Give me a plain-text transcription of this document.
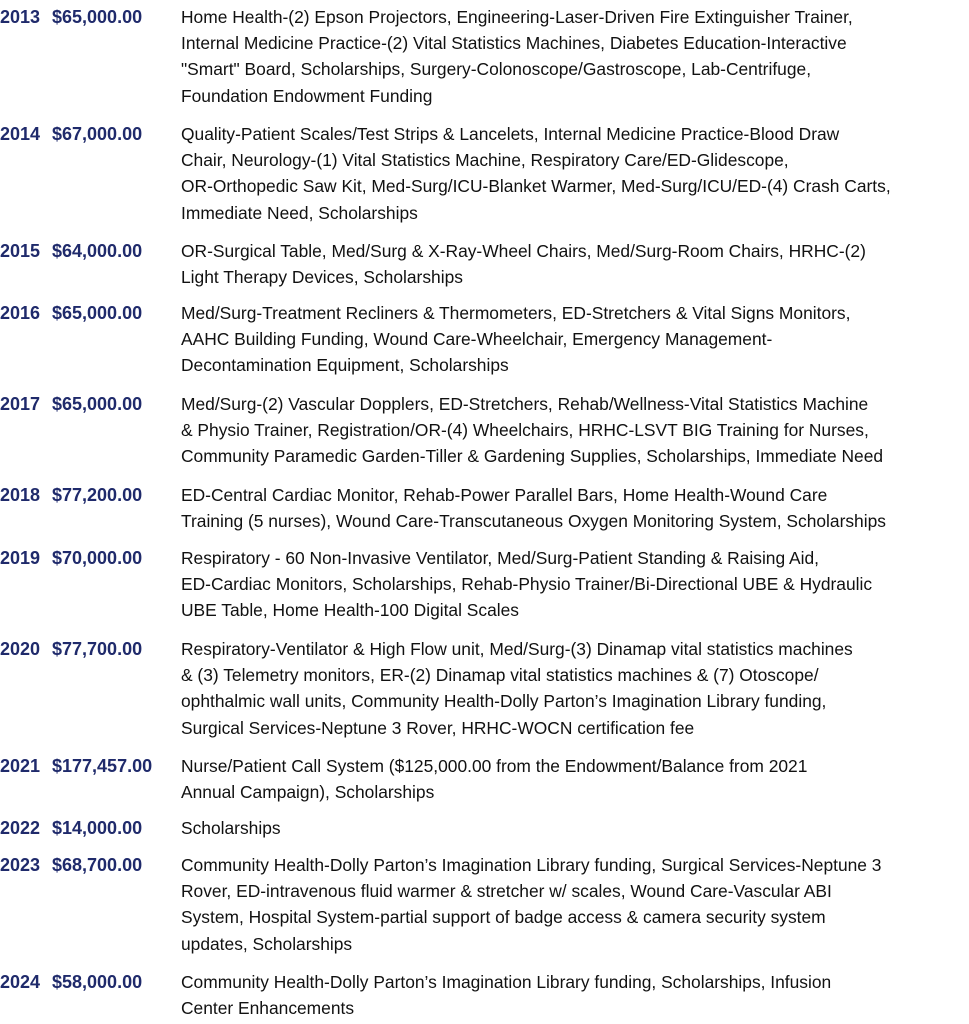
2013 $65,000.00 Home Health-(2) Epson Projectors, Engineering-Laser-Driven Fire Extinguisher Trainer,
Internal Medicine Practice-(2) Vital Statistics Machines, Diabetes Education-Interactive
"Smart" Board, Scholarships, Surgery-Colonoscope/Gastroscope, Lab-Centrifuge,
Foundation Endowment Funding
2014 $67,000.00 Quality-Patient Scales/Test Strips & Lancelets, Internal Medicine Practice-Blood Draw
Chair, Neurology-(1) Vital Statistics Machine, Respiratory Care/ED-Glidescope,
OR-Orthopedic Saw Kit, Med-Surg/ICU-Blanket Warmer, Med-Surg/ICU/ED-(4) Crash Carts,
Immediate Need, Scholarships
2015 $64,000.00 OR-Surgical Table, Med/Surg & X-Ray-Wheel Chairs, Med/Surg-Room Chairs, HRHC-(2)
Light Therapy Devices, Scholarships
2016 $65,000.00 Med/Surg-Treatment Recliners & Thermometers, ED-Stretchers & Vital Signs Monitors,
AAHC Building Funding, Wound Care-Wheelchair, Emergency Management-
Decontamination Equipment, Scholarships
2017 $65,000.00 Med/Surg-(2) Vascular Dopplers, ED-Stretchers, Rehab/Wellness-Vital Statistics Machine
& Physio Trainer, Registration/OR-(4) Wheelchairs, HRHC-LSVT BIG Training for Nurses,
Community Paramedic Garden-Tiller & Gardening Supplies, Scholarships, Immediate Need
2018 $77,200.00 ED-Central Cardiac Monitor, Rehab-Power Parallel Bars, Home Health-Wound Care
Training (5 nurses), Wound Care-Transcutaneous Oxygen Monitoring System, Scholarships
2019 $70,000.00 Respiratory - 60 Non-Invasive Ventilator, Med/Surg-Patient Standing & Raising Aid,
ED-Cardiac Monitors, Scholarships, Rehab-Physio Trainer/Bi-Directional UBE & Hydraulic
UBE Table, Home Health-100 Digital Scales
2020 $77,700.00 Respiratory-Ventilator & High Flow unit, Med/Surg-(3) Dinamap vital statistics machines
& (3) Telemetry monitors, ER-(2) Dinamap vital statistics machines & (7) Otoscope/
ophthalmic wall units, Community Health-Dolly Parton’s Imagination Library funding,
Surgical Services-Neptune 3 Rover, HRHC-WOCN certification fee
2021 $177,457.00 Nurse/Patient Call System ($125,000.00 from the Endowment/Balance from 2021
Annual Campaign), Scholarships
2022 $14,000.00 Scholarships
2023 $68,700.00 Community Health-Dolly Parton’s Imagination Library funding, Surgical Services-Neptune 3
Rover, ED-intravenous fluid warmer & stretcher w/ scales, Wound Care-Vascular ABI
System, Hospital System-partial support of badge access & camera security system
updates, Scholarships
2024 $58,000.00 Community Health-Dolly Parton’s Imagination Library funding, Scholarships, Infusion
Center Enhancements
